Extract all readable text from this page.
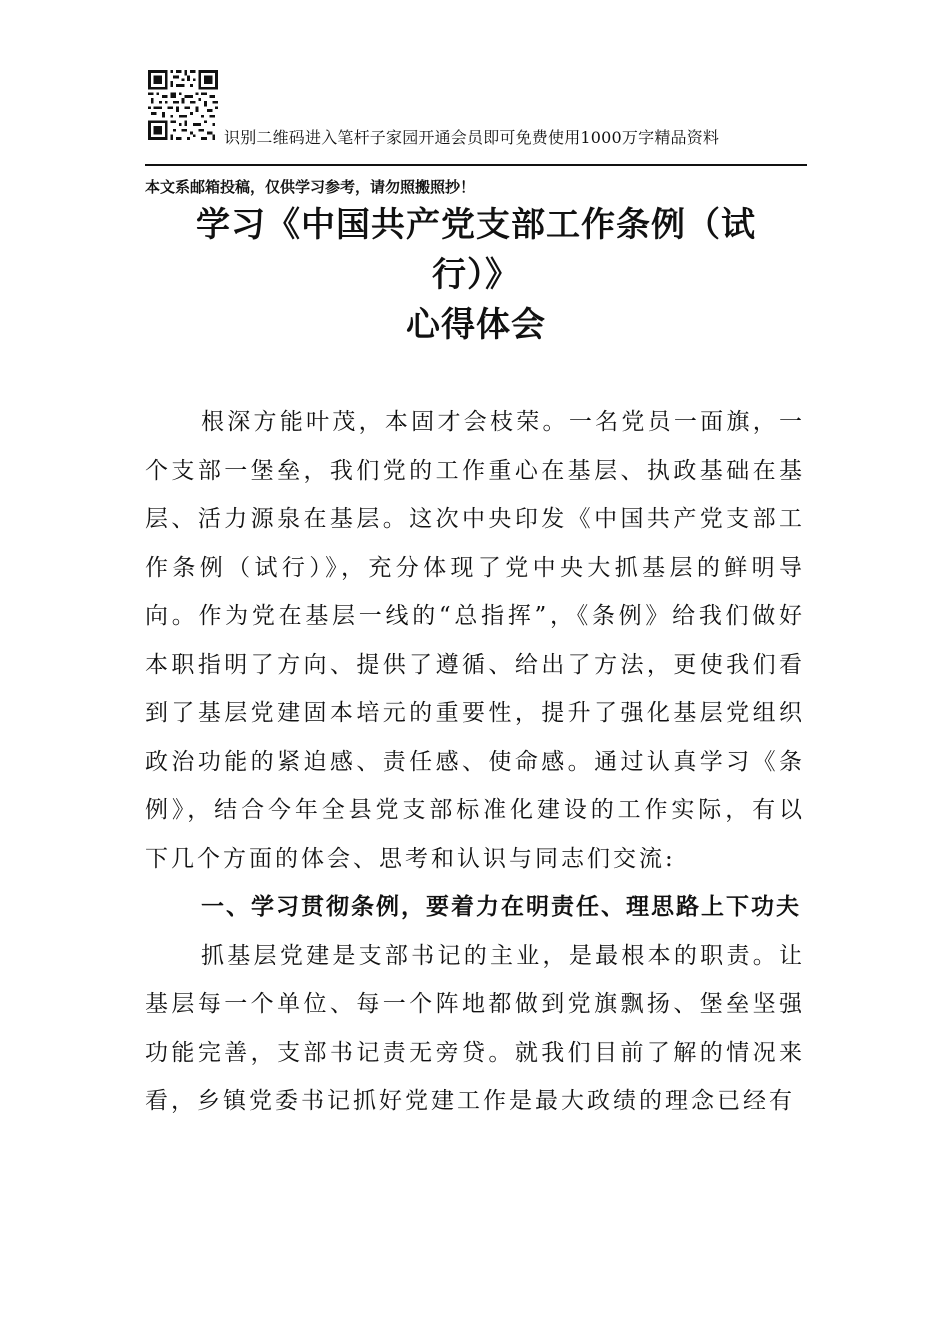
识别二维码进入笔杆子家园开通会员即可免费使用1000万字精品资料
本文系邮箱投稿，仅供学习参考，请勿照搬照抄！
学习《中国共产党支部工作条例（试
行）》
心得体会

根深方能叶茂，本固才会枝荣。一名党员一面旗，一个支部一堡垒，我们党的工作重心在基层、执政基础在基层、活力源泉在基层。这次中央印发《中国共产党支部工作条例（试行）》，充分体现了党中央大抓基层的鲜明导向。作为党在基层一线的“总指挥”，《条例》给我们做好本职指明了方向、提供了遵循、给出了方法，更使我们看到了基层党建固本培元的重要性，提升了强化基层党组织政治功能的紧迫感、责任感、使命感。通过认真学习《条例》，结合今年全县党支部标准化建设的工作实际，有以下几个方面的体会、思考和认识与同志们交流:

一、学习贯彻条例，要着力在明责任、理思路上下功夫

抓基层党建是支部书记的主业，是最根本的职责。让基层每一个单位、每一个阵地都做到党旗飘扬、堡垒坚强功能完善，支部书记责无旁贷。就我们目前了解的情况来看，乡镇党委书记抓好党建工作是最大政绩的理念已经有
